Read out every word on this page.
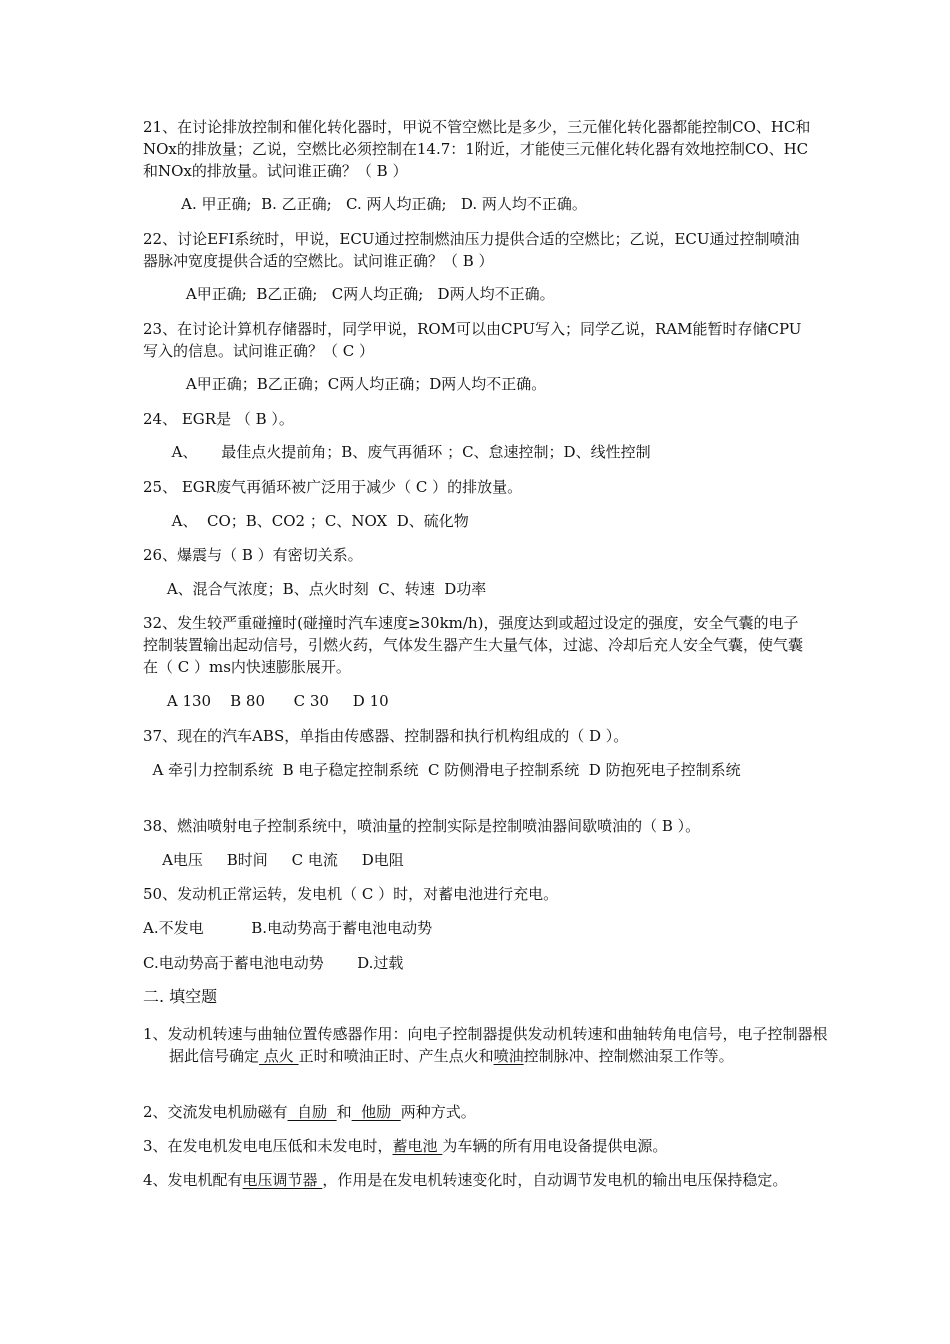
21、在讨论排放控制和催化转化器时，甲说不管空燃比是多少，三元催化转化器都能控制CO、HC和NOx的排放量；乙说，空燃比必须控制在14.7：1附近，才能使三元催化转化器有效地控制CO、HC和NOx的排放量。试问谁正确？（ B ）

A. 甲正确;  B. 乙正确;   C. 两人均正确;   D. 两人均不正确。

22、讨论EFI系统时，甲说，ECU通过控制燃油压力提供合适的空燃比；乙说，ECU通过控制喷油器脉冲宽度提供合适的空燃比。试问谁正确？（ B ）

A甲正确;  B乙正确;   C两人均正确;   D两人均不正确。

23、在讨论计算机存储器时，同学甲说，ROM可以由CPU写入；同学乙说，RAM能暂时存储CPU写入的信息。试问谁正确？（ C ）

A甲正确；B乙正确；C两人均正确；D两人均不正确。

24、 EGR是 （ B ）。

A、     最佳点火提前角；B、废气再循环 ；C、怠速控制；D、线性控制

25、 EGR废气再循环被广泛用于减少（ C ）的排放量。

A、  CO；B、CO2 ；C、NOX  D、硫化物

26、爆震与（ B ）有密切关系。

A、混合气浓度；B、点火时刻  C、转速  D功率

32、发生较严重碰撞时(碰撞时汽车速度≥30km/h)，强度达到或超过设定的强度，安全气囊的电子控制装置输出起动信号，引燃火药，气体发生器产生大量气体，过滤、冷却后充人安全气囊，使气囊在（ C ）ms内快速膨胀展开。

A 130    B 80      C 30     D 10

37、现在的汽车ABS，单指由传感器、控制器和执行机构组成的（ D ）。

A 牵引力控制系统  B 电子稳定控制系统  C 防侧滑电子控制系统  D 防抱死电子控制系统

38、燃油喷射电子控制系统中，喷油量的控制实际是控制喷油器间歇喷油的（ B ）。

A电压     B时间     C 电流     D电阻

50、发动机正常运转，发电机（ C ）时，对蓄电池进行充电。

A.不发电          B.电动势高于蓄电池电动势

C.电动势高于蓄电池电动势       D.过载

二. 填空题

1、发动机转速与曲轴位置传感器作用：向电子控制器提供发动机转速和曲轴转角电信号，电子控制器根据此信号确定 点火 正时和喷油正时、产生点火和喷油控制脉冲、控制燃油泵工作等。

2、交流发电机励磁有  自励  和  他励  两种方式。

3、在发电机发电电压低和未发电时，蓄电池 为车辆的所有用电设备提供电源。

4、发电机配有电压调节器 ，作用是在发电机转速变化时，自动调节发电机的输出电压保持稳定。
